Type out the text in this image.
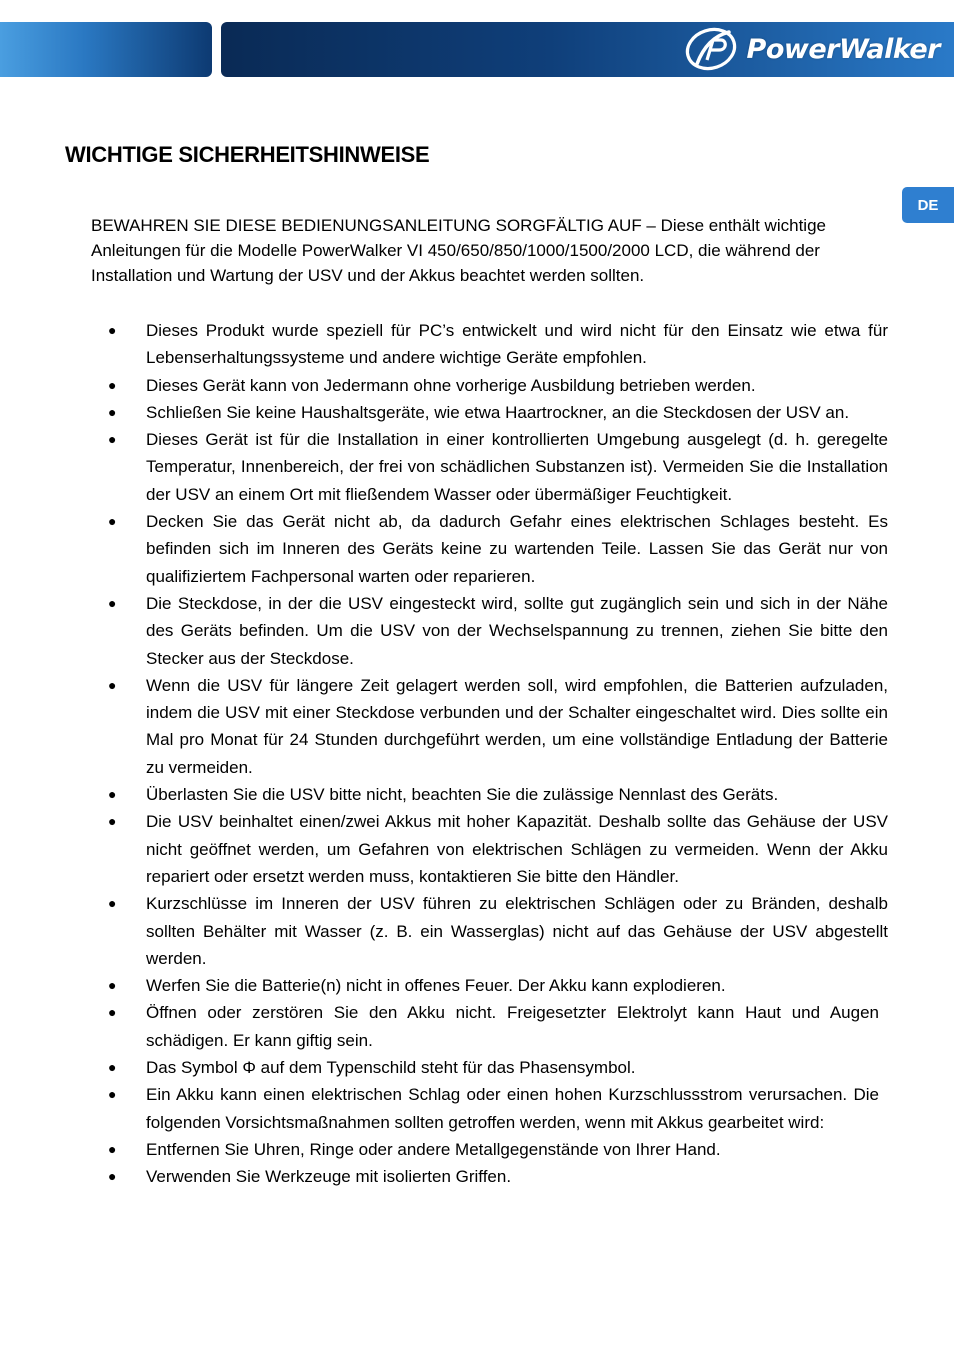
PowerWalker
DE
WICHTIGE SICHERHEITSHINWEISE

BEWAHREN SIE DIESE BEDIENUNGSANLEITUNG SORGFÄLTIG AUF – Diese enthält wichtige Anleitungen für die Modelle PowerWalker VI 450/650/850/1000/1500/2000 LCD, die während der Installation und Wartung der USV und der Akkus beachtet werden sollten.

● Dieses Produkt wurde speziell für PC’s entwickelt und wird nicht für den Einsatz wie etwa für Lebenserhaltungssysteme und andere wichtige Geräte empfohlen.
● Dieses Gerät kann von Jedermann ohne vorherige Ausbildung betrieben werden.
● Schließen Sie keine Haushaltsgeräte, wie etwa Haartrockner, an die Steckdosen der USV an.
● Dieses Gerät ist für die Installation in einer kontrollierten Umgebung ausgelegt (d. h. geregelte Temperatur, Innenbereich, der frei von schädlichen Substanzen ist). Vermeiden Sie die Installation der USV an einem Ort mit fließendem Wasser oder übermäßiger Feuchtigkeit.
● Decken Sie das Gerät nicht ab, da dadurch Gefahr eines elektrischen Schlages besteht. Es befinden sich im Inneren des Geräts keine zu wartenden Teile. Lassen Sie das Gerät nur von qualifiziertem Fachpersonal warten oder reparieren.
● Die Steckdose, in der die USV eingesteckt wird, sollte gut zugänglich sein und sich in der Nähe des Geräts befinden. Um die USV von der Wechselspannung zu trennen, ziehen Sie bitte den Stecker aus der Steckdose.
● Wenn die USV für längere Zeit gelagert werden soll, wird empfohlen, die Batterien aufzuladen, indem die USV mit einer Steckdose verbunden und der Schalter eingeschaltet wird. Dies sollte ein Mal pro Monat für 24 Stunden durchgeführt werden, um eine vollständige Entladung der Batterie zu vermeiden.
● Überlasten Sie die USV bitte nicht, beachten Sie die zulässige Nennlast des Geräts.
● Die USV beinhaltet einen/zwei Akkus mit hoher Kapazität. Deshalb sollte das Gehäuse der USV nicht geöffnet werden, um Gefahren von elektrischen Schlägen zu vermeiden. Wenn der Akku repariert oder ersetzt werden muss, kontaktieren Sie bitte den Händler.
● Kurzschlüsse im Inneren der USV führen zu elektrischen Schlägen oder zu Bränden, deshalb sollten Behälter mit Wasser (z. B. ein Wasserglas) nicht auf das Gehäuse der USV abgestellt werden.
● Werfen Sie die Batterie(n) nicht in offenes Feuer. Der Akku kann explodieren.
● Öffnen oder zerstören Sie den Akku nicht. Freigesetzter Elektrolyt kann Haut und Augen schädigen. Er kann giftig sein.
● Das Symbol Φ auf dem Typenschild steht für das Phasensymbol.
● Ein Akku kann einen elektrischen Schlag oder einen hohen Kurzschlussstrom verursachen. Die folgenden Vorsichtsmaßnahmen sollten getroffen werden, wenn mit Akkus gearbeitet wird:
● Entfernen Sie Uhren, Ringe oder andere Metallgegenstände von Ihrer Hand.
● Verwenden Sie Werkzeuge mit isolierten Griffen.
